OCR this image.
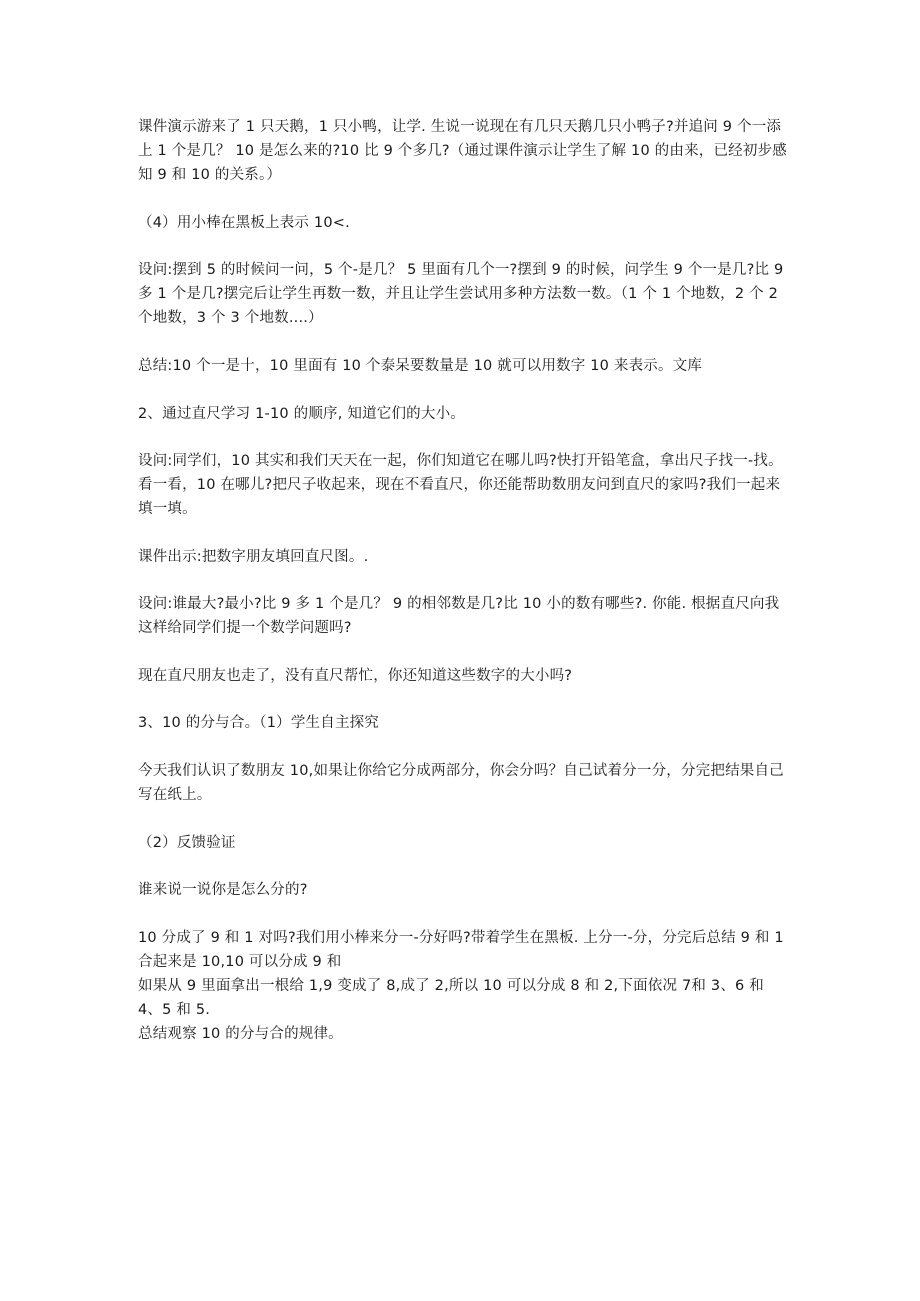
课件演示游来了 1 只天鹅，1 只小鸭，让学. 生说一说现在有几只天鹅几只小鸭子?并追问 9 个一添上 1 个是几？ 10 是怎么来的?10 比 9 个多几?（通过课件演示让学生了解 10 的由来，已经初步感知 9 和 10 的关系。）

（4）用小棒在黑板上表示 10<.

设问:摆到 5 的时候问一问，5 个-是几？ 5 里面有几个一?摆到 9 的时候，问学生 9 个一是几?比 9 多 1 个是几?摆完后让学生再数一数，并且让学生尝试用多种方法数一数。（1 个 1 个地数，2 个 2 个地数，3 个 3 个地数....）

总结:10 个一是十，10 里面有 10 个泰呆要数量是 10 就可以用数字 10 来表示。文库

2、通过直尺学习 1-10 的顺序, 知道它们的大小。

设问:同学们，10 其实和我们天天在一起，你们知道它在哪儿吗?快打开铅笔盒，拿出尺子找一-找。看一看，10 在哪儿?把尺子收起来，现在不看直尺，你还能帮助数朋友问到直尺的家吗?我们一起来填一填。

课件出示:把数字朋友填回直尺图。.

设问:谁最大?最小?比 9 多 1 个是几？ 9 的相邻数是几?比 10 小的数有哪些?. 你能. 根据直尺向我这样给同学们提一个数学问题吗?

现在直尺朋友也走了，没有直尺帮忙，你还知道这些数字的大小吗?

3、10 的分与合。（1）学生自主探究

今天我们认识了数朋友 10,如果让你给它分成两部分，你会分吗？自己试着分一分，分完把结果自己写在纸上。

（2）反馈验证

谁来说一说你是怎么分的?

10 分成了 9 和 1 对吗?我们用小棒来分一-分好吗?带着学生在黑板. 上分一-分，分完后总结 9 和 1 合起来是 10,10 可以分成 9 和

如果从 9 里面拿出一根给 1,9 变成了 8,成了 2,所以 10 可以分成 8 和 2,下面依况 7和 3、6 和 4、5 和 5.

总结观察 10 的分与合的规律。
